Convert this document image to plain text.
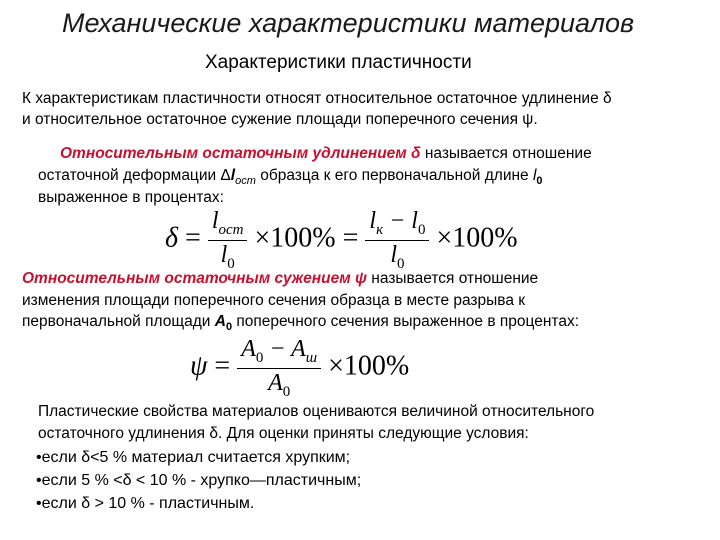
Механические характеристики материалов
Характеристики пластичности
К характеристикам пластичности относят относительное остаточное удлинение δ
и относительное остаточное сужение площади поперечного сечения ψ.
Относительным остаточным удлинением δ называется отношение
остаточной деформации $\Delta l_{ост}$ образца к его первоначальной длине $l_0$
выраженное в процентах:
$\delta = \frac{l_{ост}}{l_0} \times 100\% = \frac{l_к - l_0}{l_0} \times 100\%$
Относительным остаточным сужением ψ называется отношение
изменения площади поперечного сечения образца в месте разрыва к
первоначальной площади $A_0$ поперечного сечения выраженное в процентах:
$\psi = \frac{A_0 - A_ш}{A_0} \times 100\%$
Пластические свойства материалов оцениваются величиной относительного
остаточного удлинения δ. Для оценки приняты следующие условия:
•если δ<5 % материал считается хрупким;
•если 5 % <δ < 10 % - хрупко—пластичным;
•если δ > 10 % - пластичным.
